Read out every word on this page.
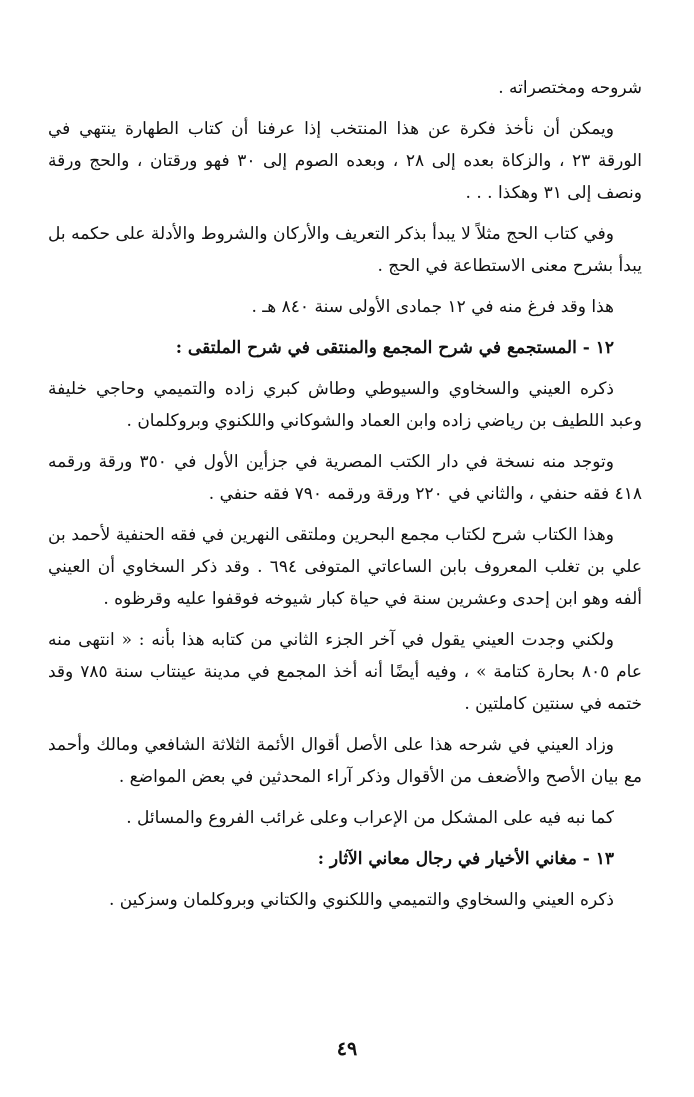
شروحه ومختصراته .

ويمكن أن نأخذ فكرة عن هذا المنتخب إذا عرفنا أن كتاب الطهارة ينتهي في الورقة ٢٣ ، والزكاة بعده إلى ٢٨ ، وبعده الصوم إلى ٣٠ فهو ورقتان ، والحج ورقة ونصف إلى ٣١ وهكذا . . .

وفي كتاب الحج مثلاً لا يبدأ بذكر التعريف والأركان والشروط والأدلة على حكمه بل يبدأ بشرح معنى الاستطاعة في الحج .

هذا وقد فرغ منه في ١٢ جمادى الأولى سنة ٨٤٠ هـ .

١٢ - المستجمع في شرح المجمع والمنتقى في شرح الملتقى :

ذكره العيني والسخاوي والسيوطي وطاش كبري زاده والتميمي وحاجي خليفة وعبد اللطيف بن رياضي زاده وابن العماد والشوكاني واللكنوي وبروكلمان .

وتوجد منه نسخة في دار الكتب المصرية في جزأين الأول في ٣٥٠ ورقة ورقمه ٤١٨ فقه حنفي ، والثاني في ٢٢٠ ورقة ورقمه ٧٩٠ فقه حنفي .

وهذا الكتاب شرح لكتاب مجمع البحرين وملتقى النهرين في فقه الحنفية لأحمد بن علي بن تغلب المعروف بابن الساعاتي المتوفى ٦٩٤ . وقد ذكر السخاوي أن العيني ألفه وهو ابن إحدى وعشرين سنة في حياة كبار شيوخه فوقفوا عليه وقرظوه .

ولكني وجدت العيني يقول في آخر الجزء الثاني من كتابه هذا بأنه : « انتهى منه عام ٨٠٥ بحارة كتامة » ، وفيه أيضًا أنه أخذ المجمع في مدينة عينتاب سنة ٧٨٥ وقد ختمه في سنتين كاملتين .

وزاد العيني في شرحه هذا على الأصل أقوال الأئمة الثلاثة الشافعي ومالك وأحمد مع بيان الأصح والأضعف من الأقوال وذكر آراء المحدثين في بعض المواضع .

كما نبه فيه على المشكل من الإعراب وعلى غرائب الفروع والمسائل .

١٣ - مغاني الأخيار في رجال معاني الآثار :

ذكره العيني والسخاوي والتميمي واللكنوي والكتاني وبروكلمان وسزكين .

٤٩
